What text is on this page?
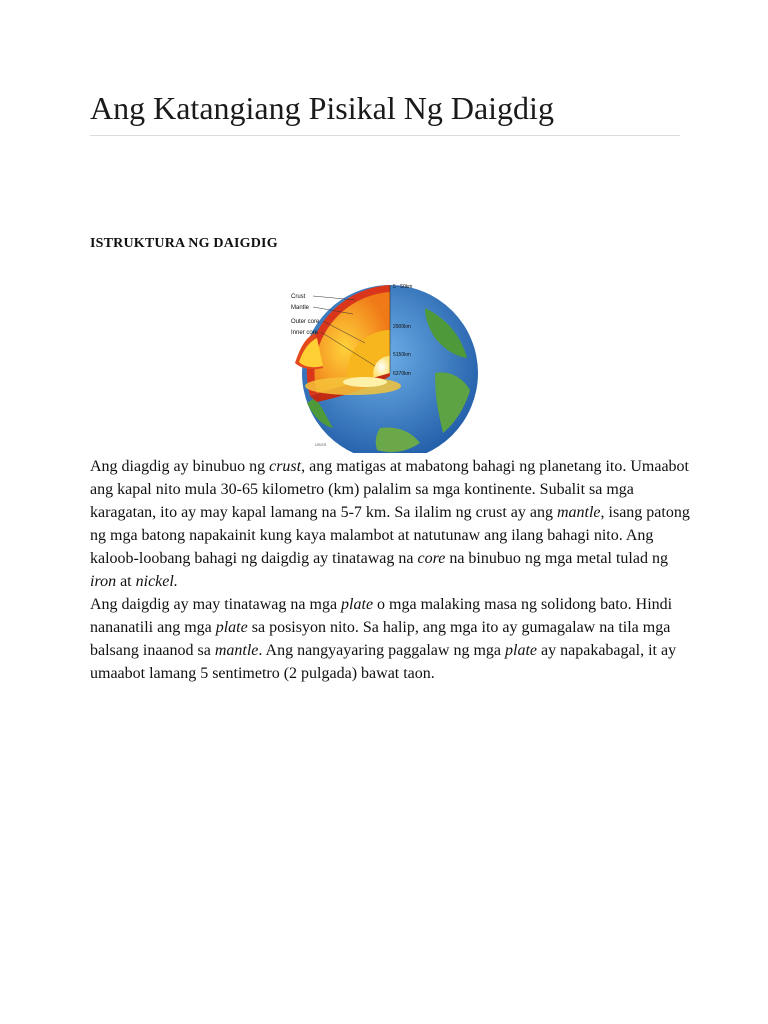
Ang Katangiang Pisikal Ng Daigdig
ISTRUKTURA NG DAIGDIG
Crust
Mantle
Outer core
Inner core
5 - 50km
2900km
5150km
6370km
USGS

Ang diagdig ay binubuo ng crust, ang matigas at mabatong bahagi ng planetang ito. Umaabot ang kapal nito mula 30-65 kilometro (km) palalim sa mga kontinente. Subalit sa mga karagatan, ito ay may kapal lamang na 5-7 km. Sa ilalim ng crust ay ang mantle, isang patong ng mga batong napakainit kung kaya malambot at natutunaw ang ilang bahagi nito. Ang kaloob-loobang bahagi ng daigdig ay tinatawag na core na binubuo ng mga metal tulad ng iron at nickel.

Ang daigdig ay may tinatawag na mga plate o mga malaking masa ng solidong bato. Hindi nananatili ang mga plate sa posisyon nito. Sa halip, ang mga ito ay gumagalaw na tila mga balsang inaanod sa mantle. Ang nangyayaring paggalaw ng mga plate ay napakabagal, it ay umaabot lamang 5 sentimetro (2 pulgada) bawat taon.
